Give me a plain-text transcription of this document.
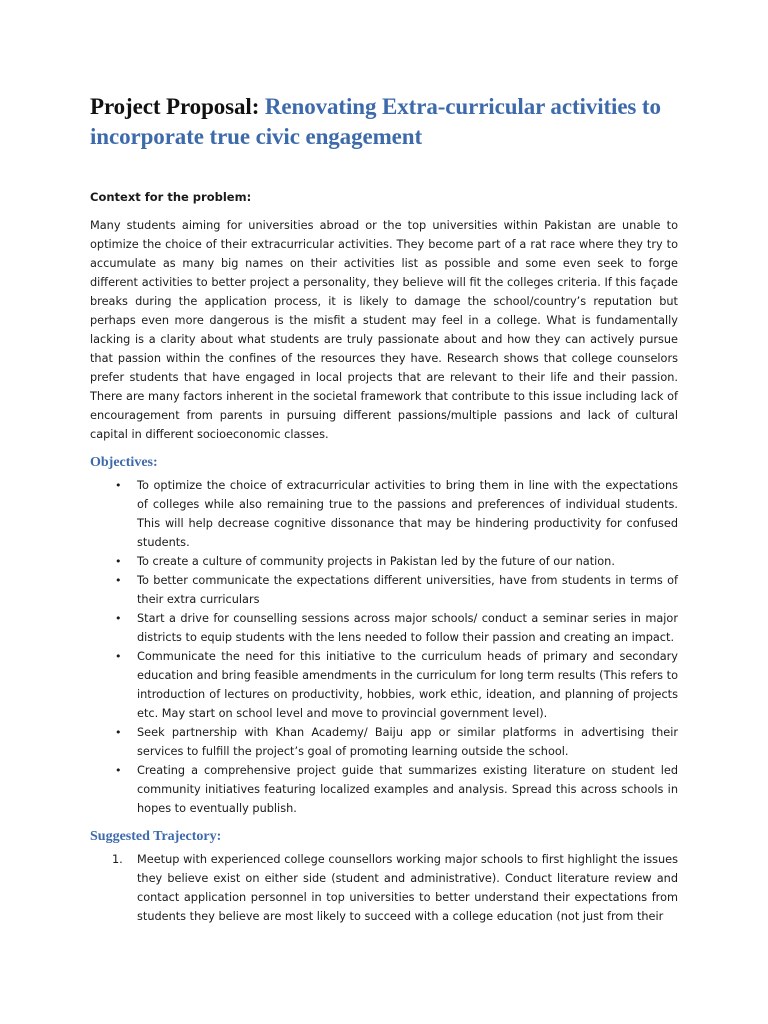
Project Proposal: Renovating Extra-curricular activities to incorporate true civic engagement
Context for the problem:

Many students aiming for universities abroad or the top universities within Pakistan are unable to optimize the choice of their extracurricular activities. They become part of a rat race where they try to accumulate as many big names on their activities list as possible and some even seek to forge different activities to better project a personality, they believe will fit the colleges criteria. If this façade breaks during the application process, it is likely to damage the school/country’s reputation but perhaps even more dangerous is the misfit a student may feel in a college. What is fundamentally lacking is a clarity about what students are truly passionate about and how they can actively pursue that passion within the confines of the resources they have. Research shows that college counselors prefer students that have engaged in local projects that are relevant to their life and their passion. There are many factors inherent in the societal framework that contribute to this issue including lack of encouragement from parents in pursuing different passions/multiple passions and lack of cultural capital in different socioeconomic classes.

Objectives:
• To optimize the choice of extracurricular activities to bring them in line with the expectations of colleges while also remaining true to the passions and preferences of individual students. This will help decrease cognitive dissonance that may be hindering productivity for confused students.
• To create a culture of community projects in Pakistan led by the future of our nation.
• To better communicate the expectations different universities, have from students in terms of their extra curriculars
• Start a drive for counselling sessions across major schools/ conduct a seminar series in major districts to equip students with the lens needed to follow their passion and creating an impact.
• Communicate the need for this initiative to the curriculum heads of primary and secondary education and bring feasible amendments in the curriculum for long term results (This refers to introduction of lectures on productivity, hobbies, work ethic, ideation, and planning of projects etc. May start on school level and move to provincial government level).
• Seek partnership with Khan Academy/ Baiju app or similar platforms in advertising their services to fulfill the project’s goal of promoting learning outside the school.
• Creating a comprehensive project guide that summarizes existing literature on student led community initiatives featuring localized examples and analysis. Spread this across schools in hopes to eventually publish.
Suggested Trajectory:
1. Meetup with experienced college counsellors working major schools to first highlight the issues they believe exist on either side (student and administrative). Conduct literature review and contact application personnel in top universities to better understand their expectations from students they believe are most likely to succeed with a college education (not just from their
